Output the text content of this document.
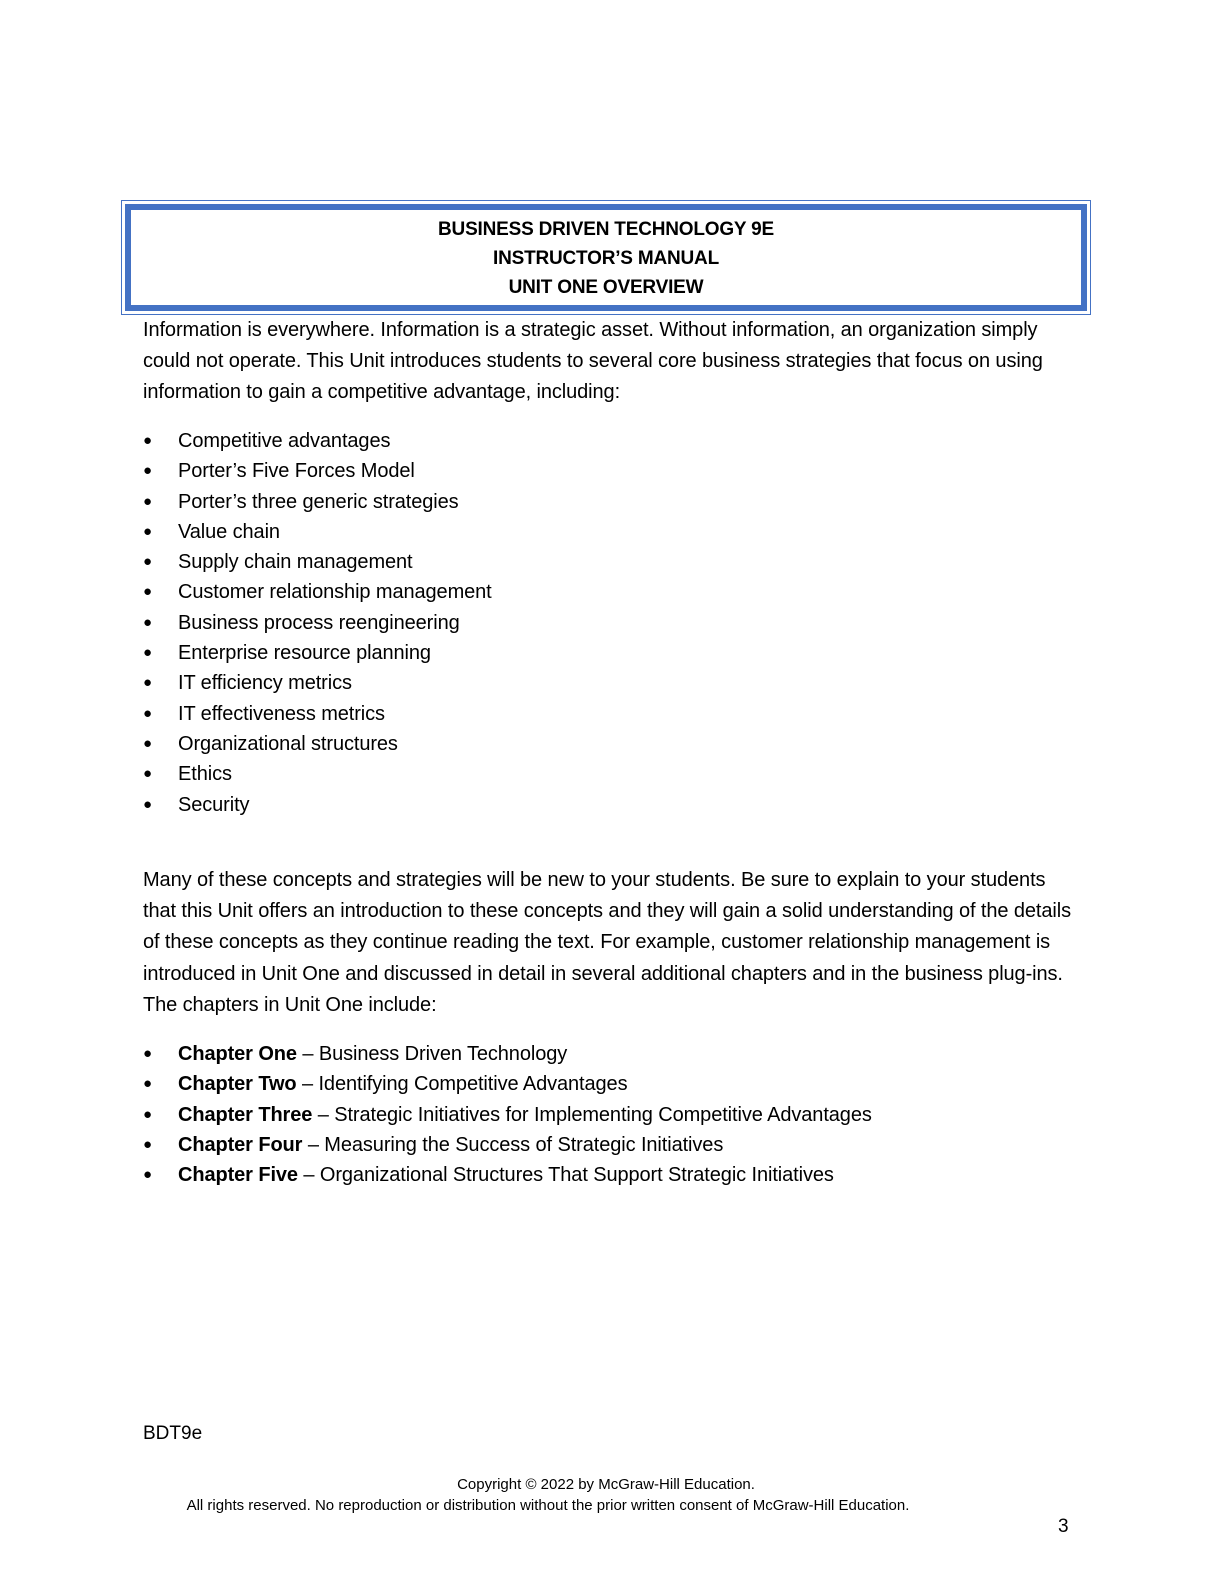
BUSINESS DRIVEN TECHNOLOGY 9E
INSTRUCTOR’S MANUAL
UNIT ONE OVERVIEW

Information is everywhere. Information is a strategic asset. Without information, an organization simply could not operate. This Unit introduces students to several core business strategies that focus on using information to gain a competitive advantage, including:

● Competitive advantages
● Porter’s Five Forces Model
● Porter’s three generic strategies
● Value chain
● Supply chain management
● Customer relationship management
● Business process reengineering
● Enterprise resource planning
● IT efficiency metrics
● IT effectiveness metrics
● Organizational structures
● Ethics
● Security

Many of these concepts and strategies will be new to your students. Be sure to explain to your students that this Unit offers an introduction to these concepts and they will gain a solid understanding of the details of these concepts as they continue reading the text. For example, customer relationship management is introduced in Unit One and discussed in detail in several additional chapters and in the business plug-ins. The chapters in Unit One include:

● Chapter One – Business Driven Technology
● Chapter Two – Identifying Competitive Advantages
● Chapter Three – Strategic Initiatives for Implementing Competitive Advantages
● Chapter Four – Measuring the Success of Strategic Initiatives
● Chapter Five – Organizational Structures That Support Strategic Initiatives
BDT9e
Copyright © 2022 by McGraw-Hill Education.
All rights reserved. No reproduction or distribution without the prior written consent of McGraw-Hill Education.
3
